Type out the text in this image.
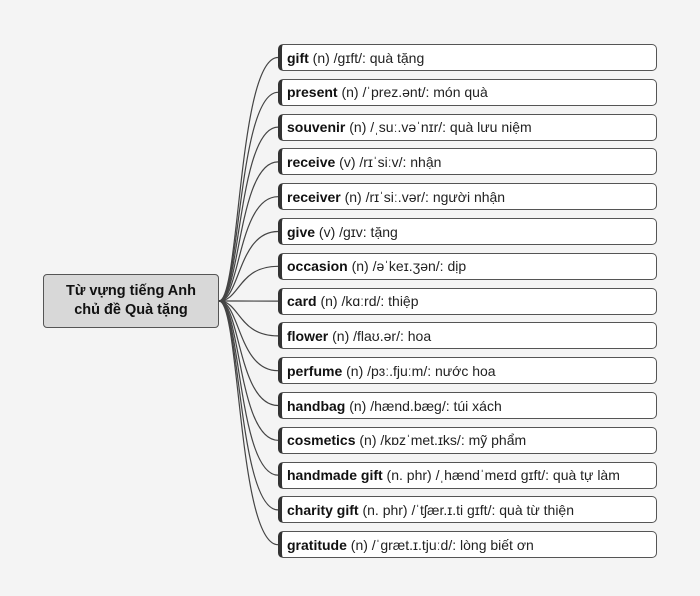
Từ vựng tiếng Anh
chủ đề Quà tặng
gift (n) /gɪft/: quà tặng
present (n) /ˈprez.ənt/: món quà
souvenir (n) /ˌsuː.vəˈnɪr/: quà lưu niệm
receive (v) /rɪˈsiːv/: nhận
receiver (n) /rɪˈsiː.vər/: người nhận
give (v) /ɡɪv: tặng
occasion (n) /əˈkeɪ.ʒən/: dịp
card (n) /kɑːrd/: thiệp
flower (n) /flaʊ.ər/: hoa
perfume (n) /pɜː.fjuːm/: nước hoa
handbag (n) /hænd.bæɡ/: túi xách
cosmetics (n) /kɒzˈmet.ɪks/: mỹ phẩm
handmade gift (n. phr) /ˌhændˈmeɪd ɡɪft/: quà tự làm
charity gift (n. phr) /ˈtʃær.ɪ.ti ɡɪft/: quà từ thiện
gratitude (n) /ˈɡræt.ɪ.tjuːd/: lòng biết ơn
